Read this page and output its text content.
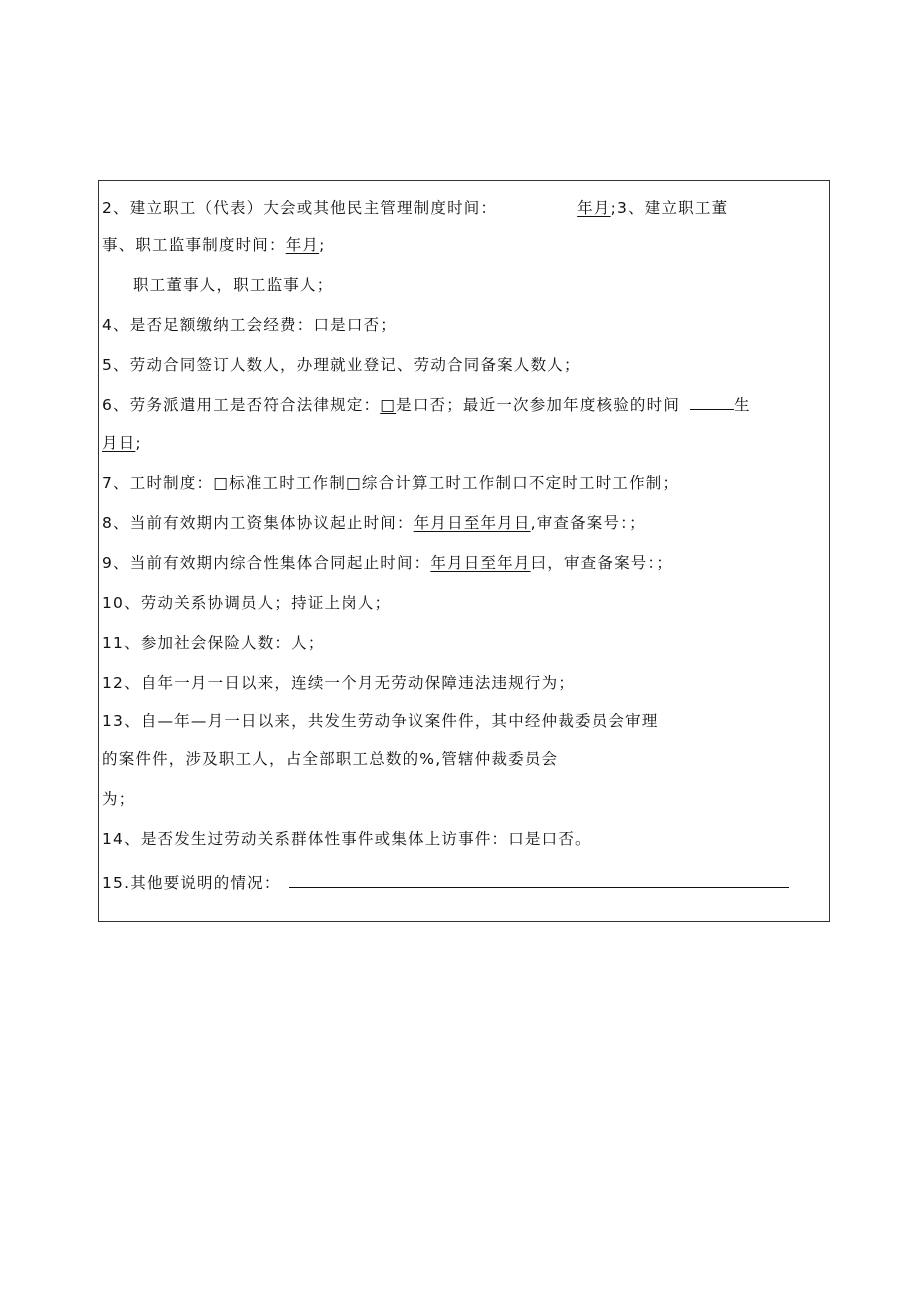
2、建立职工（代表）大会或其他民主管理制度时间：	年月;3、建立职工董
事、职工监事制度时间：年月;
职工董事人，职工监事人；
4、是否足额缴纳工会经费：口是口否；
5、劳动合同签订人数人，办理就业登记、劳动合同备案人数人；
6、劳务派遣用工是否符合法律规定：□是口否；最近一次参加年度核验的时间	生
月日;
7、工时制度：□标准工时工作制□综合计算工时工作制口不定时工时工作制；
8、当前有效期内工资集体协议起止时间：年月日至年月日,审查备案号：；
9、当前有效期内综合性集体合同起止时间：年月日至年月曰，审查备案号：；
10、劳动关系协调员人；持证上岗人；
11、参加社会保险人数：人；
12、自年一月一日以来，连续一个月无劳动保障违法违规行为；
13、自—年—月一日以来，共发生劳动争议案件件，其中经仲裁委员会审理
的案件件，涉及职工人，占全部职工总数的%,管辖仲裁委员会
为；
14、是否发生过劳动关系群体性事件或集体上访事件：口是口否。
15.其他要说明的情况：
